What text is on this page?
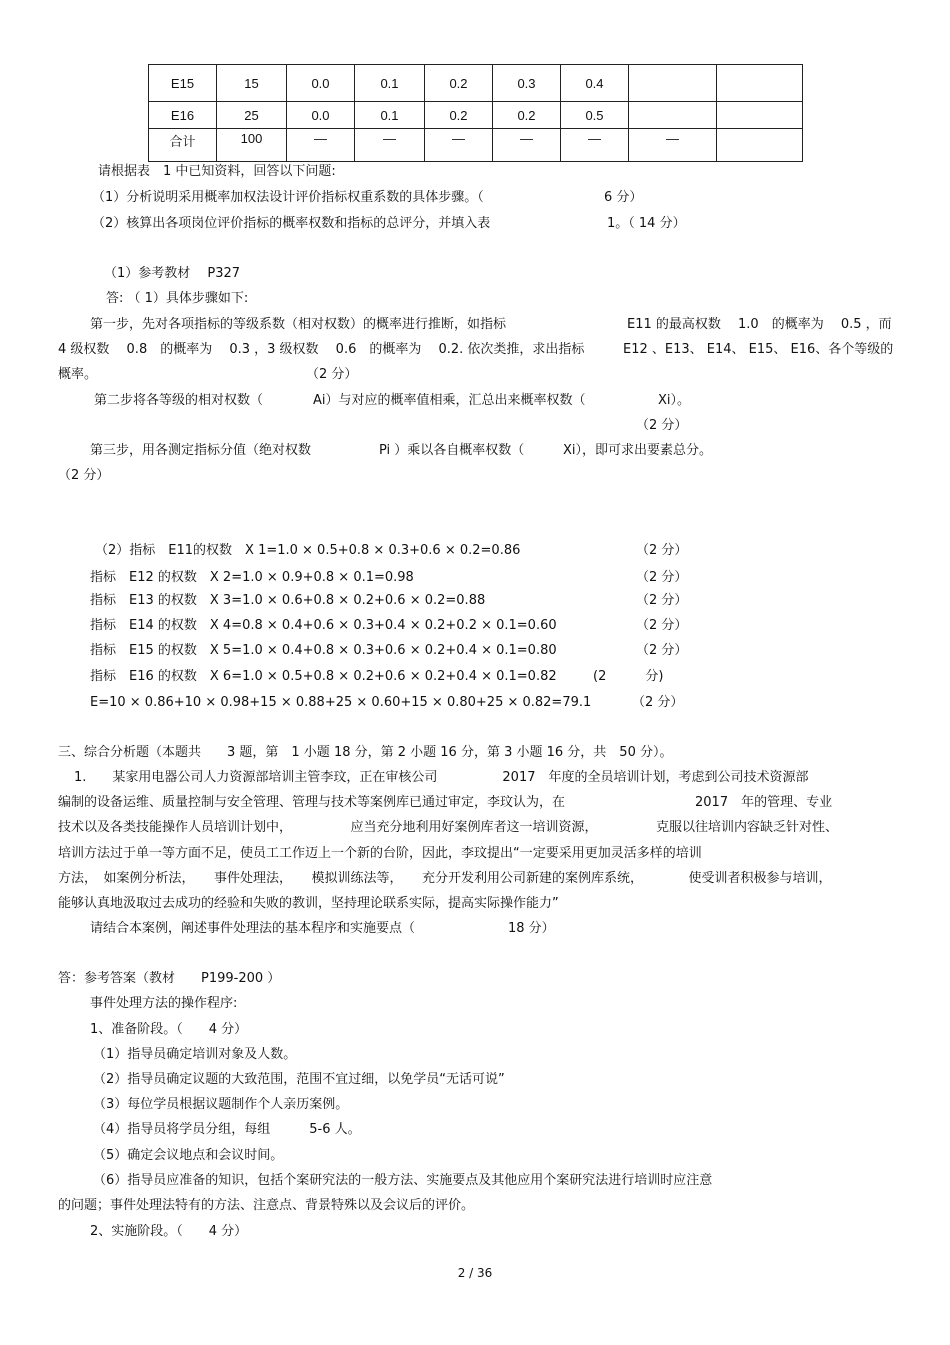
E15	15	0.0	0.1	0.2	0.3	0.4		
E16	25	0.0	0.1	0.2	0.2	0.5		
合计	100	—	—	—	—	—	—	
请根据表　1 中已知资料，回答以下问题:
（1）分析说明采用概率加权法设计评价指标权重系数的具体步骤。（	6 分）
（2）核算出各项岗位评价指标的概率权数和指标的总评分，并填入表	1。（ 14 分）
（1）参考教材　 P327
答: （ 1）具体步骤如下:
第一步，先对各项指标的等级系数（相对权数）的概率进行推断，如指标	E11 的最高权数　 1.0　的概率为　 0.5 ，而
4 级权数　 0.8　的概率为　 0.3 ，3 级权数　 0.6　的概率为　 0.2. 依次类推，求出指标	E12 、E13、 E14、 E15、 E16、各个等级的
概率。	（2 分）
第二步将各等级的相对权数（	Ai）与对应的概率值相乘，汇总出来概率权数（	Xi）。
（2 分）
第三步，用各测定指标分值（绝对权数	Pi ）乘以各自概率权数（	Xi），即可求出要素总分。
（2 分）
（2）指标　E11的权数　X 1=1.0 × 0.5+0.8 × 0.3+0.6 × 0.2=0.86	（2 分）
指标　E12 的权数　X 2=1.0 × 0.9+0.8 × 0.1=0.98	（2 分）
指标　E13 的权数　X 3=1.0 × 0.6+0.8 × 0.2+0.6 × 0.2=0.88	（2 分）
指标　E14 的权数　X 4=0.8 × 0.4+0.6 × 0.3+0.4 × 0.2+0.2 × 0.1=0.60	（2 分）
指标　E15 的权数　X 5=1.0 × 0.4+0.8 × 0.3+0.6 × 0.2+0.4 × 0.1=0.80	（2 分）
指标　E16 的权数　X 6=1.0 × 0.5+0.8 × 0.2+0.6 × 0.2+0.4 × 0.1=0.82	(2　　　分)
E=10 × 0.86+10 × 0.98+15 × 0.88+25 × 0.60+15 × 0.80+25 × 0.82=79.1	（2 分）
三、综合分析题（本题共　　3 题，第　1 小题 18 分，第 2 小题 16 分，第 3 小题 16 分，共　50 分）。
1.　　某家用电器公司人力资源部培训主管李玟，正在审核公司　　　　　2017　年度的全员培训计划，考虑到公司技术资源部
编制的设备运维、质量控制与安全管理、管理与技术等案例库已通过审定，李玟认为，在　　　　　　　　　　2017　年的管理、专业
技术以及各类技能操作人员培训计划中，　　　　　应当充分地利用好案例库者这一培训资源，　　　　　克服以往培训内容缺乏针对性、
培训方法过于单一等方面不足，使员工工作迈上一个新的台阶，因此，李玟提出“一定要采用更加灵活多样的培训
方法，　如案例分析法，　　事件处理法，　　模拟训练法等，　　充分开发利用公司新建的案例库系统，　　　　使受训者积极参与培训，
能够认真地汲取过去成功的经验和失败的教训，坚持理论联系实际，提高实际操作能力”
请结合本案例，阐述事件处理法的基本程序和实施要点（	18 分）
答：参考答案（教材　　P199-200 ）
事件处理方法的操作程序:
1、准备阶段。（　　4 分）
（1）指导员确定培训对象及人数。
（2）指导员确定议题的大致范围，范围不宜过细，以免学员“无话可说”
（3）每位学员根据议题制作个人亲历案例。
（4）指导员将学员分组，每组　　　5-6 人。
（5）确定会议地点和会议时间。
（6）指导员应准备的知识，包括个案研究法的一般方法、实施要点及其他应用个案研究法进行培训时应注意
的问题；事件处理法特有的方法、注意点、背景特殊以及会议后的评价。
2、实施阶段。（　　4 分）
2 / 36
